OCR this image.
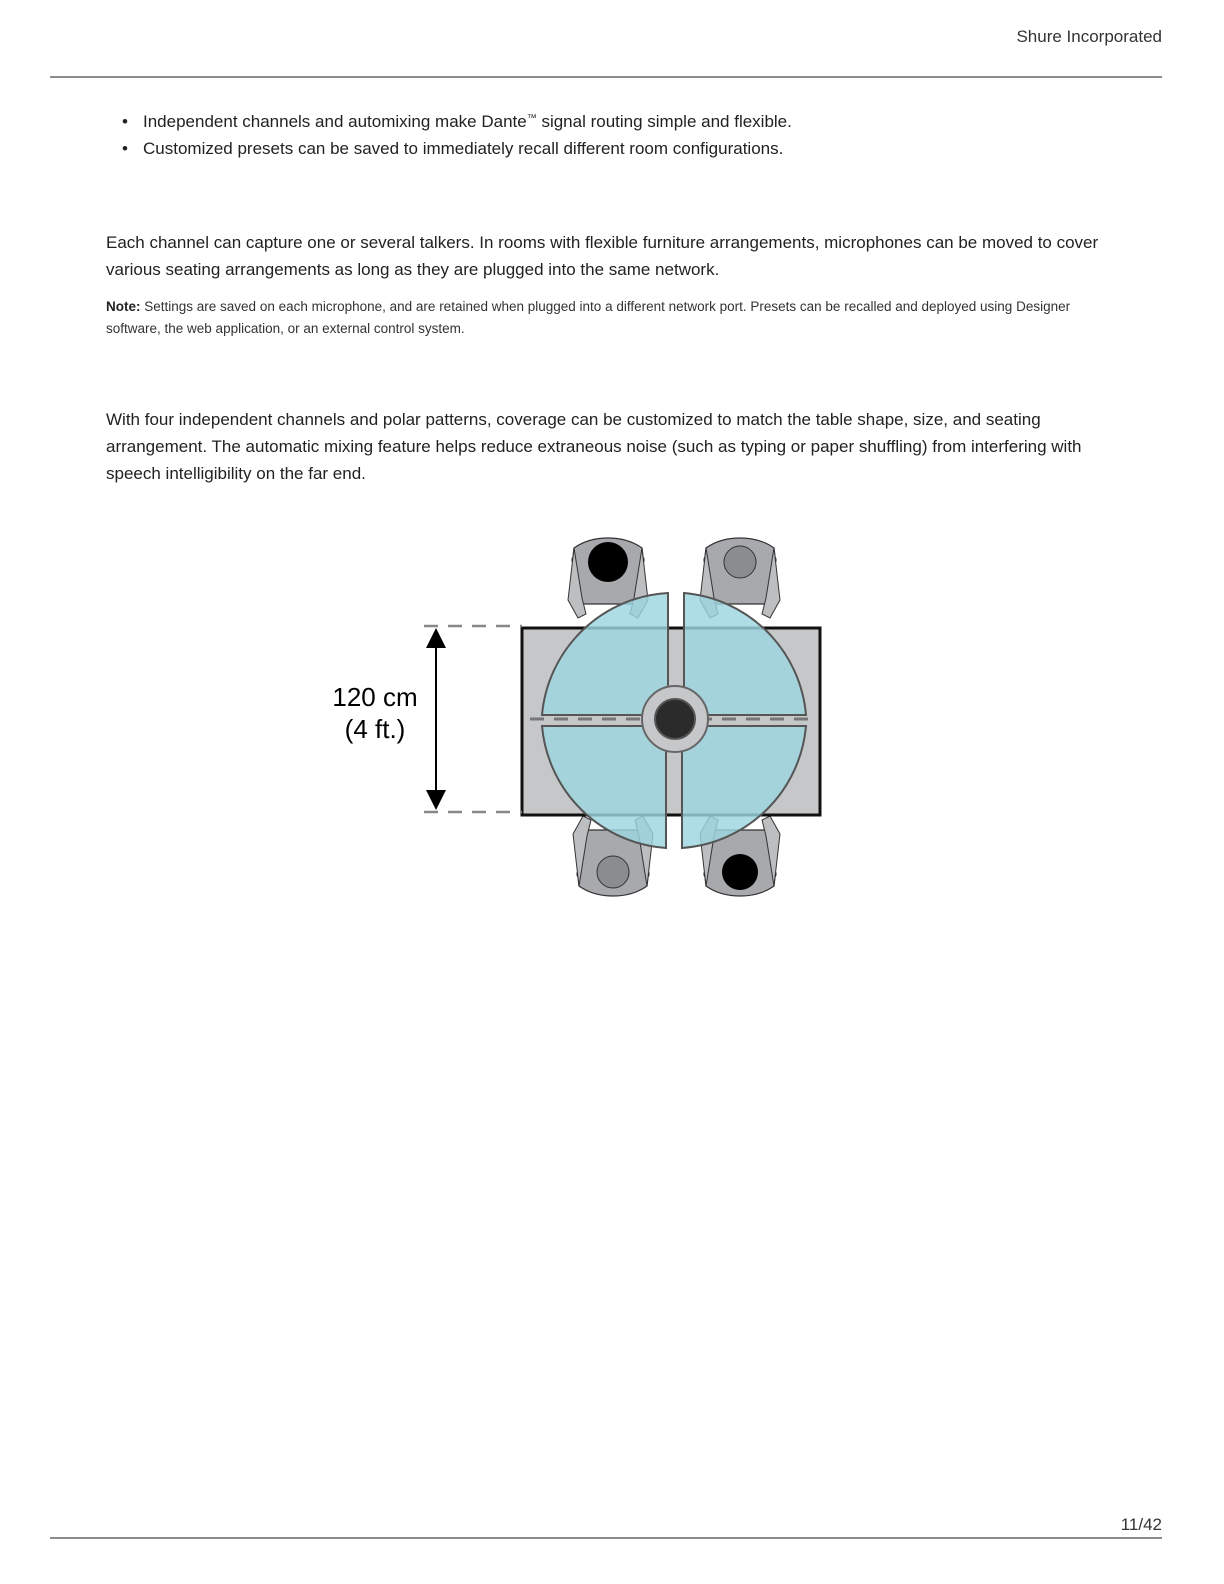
Shure Incorporated
• Independent channels and automixing make Dante™ signal routing simple and flexible.
• Customized presets can be saved to immediately recall different room configurations.

Each channel can capture one or several talkers. In rooms with flexible furniture arrangements, microphones can be moved to cover various seating arrangements as long as they are plugged into the same network.

Note: Settings are saved on each microphone, and are retained when plugged into a different network port. Presets can be recalled and deployed using Designer software, the web application, or an external control system.

With four independent channels and polar patterns, coverage can be customized to match the table shape, size, and seating arrangement. The automatic mixing feature helps reduce extraneous noise (such as typing or paper shuffling) from interfering with speech intelligibility on the far end.

120 cm
(4 ft.)
11/42
